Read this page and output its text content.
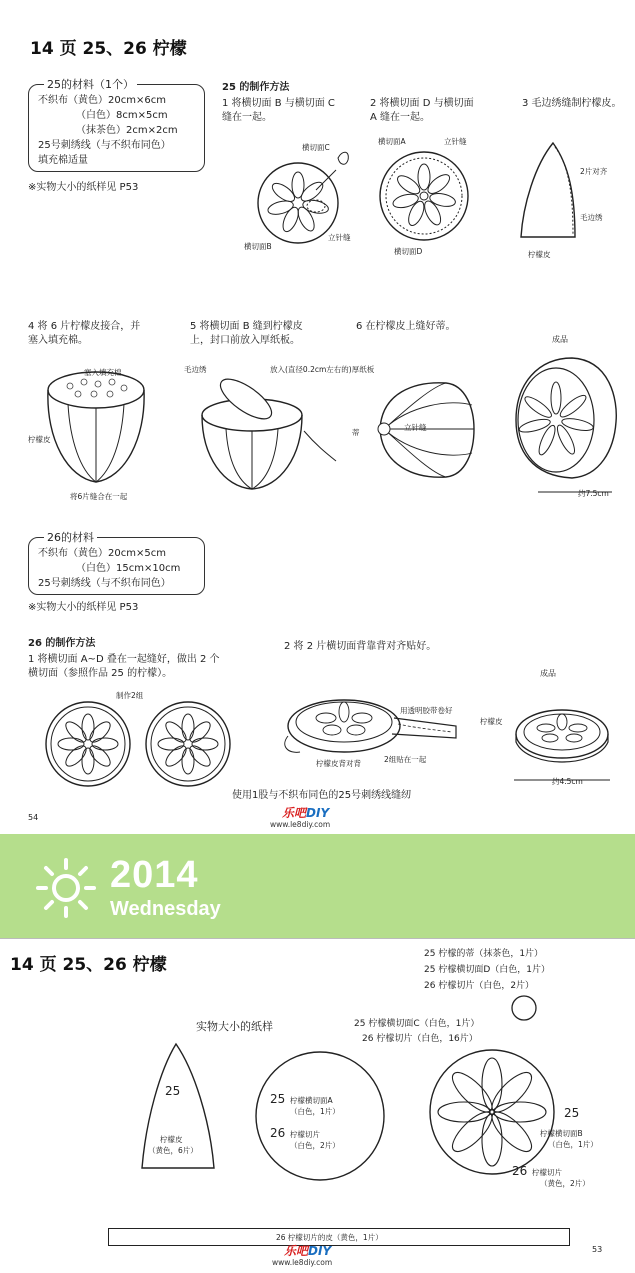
14 页 25、26 柠檬
25的材料（1个）
不织布（黄色）20cm×6cm
（白色）8cm×5cm
（抹茶色）2cm×2cm
25号刺绣线（与不织布同色）
填充棉适量
※实物大小的纸样见 P53
25 的制作方法
1 将横切面 B 与横切面 C
缝在一起。
2 将横切面 D 与横切面
A 缝在一起。
3 毛边绣缝制柠檬皮。
横切面C
横切面B
立针缝
横切面A	立针缝
横切面D
2片对齐
毛边绣
柠檬皮
4 将 6 片柠檬皮接合，并
塞入填充棉。
5 将横切面 B 缝到柠檬皮
上，封口前放入厚纸板。
6 在柠檬皮上缝好蒂。
成品
塞入填充棉
柠檬皮
将6片缝合在一起
毛边绣	放入(直径0.2cm左右的)厚纸板
蒂
立针缝
约7.5cm
26的材料
不织布（黄色）20cm×5cm
（白色）15cm×10cm
25号刺绣线（与不织布同色）
※实物大小的纸样见 P53
26 的制作方法
1 将横切面 A~D 叠在一起缝好，做出 2 个
横切面（参照作品 25 的柠檬）。
2 将 2 片横切面背靠背对齐贴好。
制作2组
成品
用透明胶带卷好
柠檬皮
柠檬皮背对背	2组贴在一起
约4.5cm
使用1股与不织布同色的25号刺绣线缝纫
乐吧DIY
www.le8diy.com
54
2014
Wednesday
14 页 25、26 柠檬
实物大小的纸样
25 柠檬的蒂（抹茶色，1片）
25 柠檬横切面D（白色，1片）
26 柠檬切片（白色，2片）
25 柠檬横切面C（白色，1片）
26 柠檬切片（白色，16片）
25
柠檬皮
（黄色，6片）
25 柠檬横切面A
（白色，1片）
26 柠檬切片
（白色，2片）
25
柠檬横切面B
（白色，1片）
26 柠檬切片
（黄色，2片）
26 柠檬切片的皮（黄色，1片）
乐吧DIY
www.le8diy.com
53
